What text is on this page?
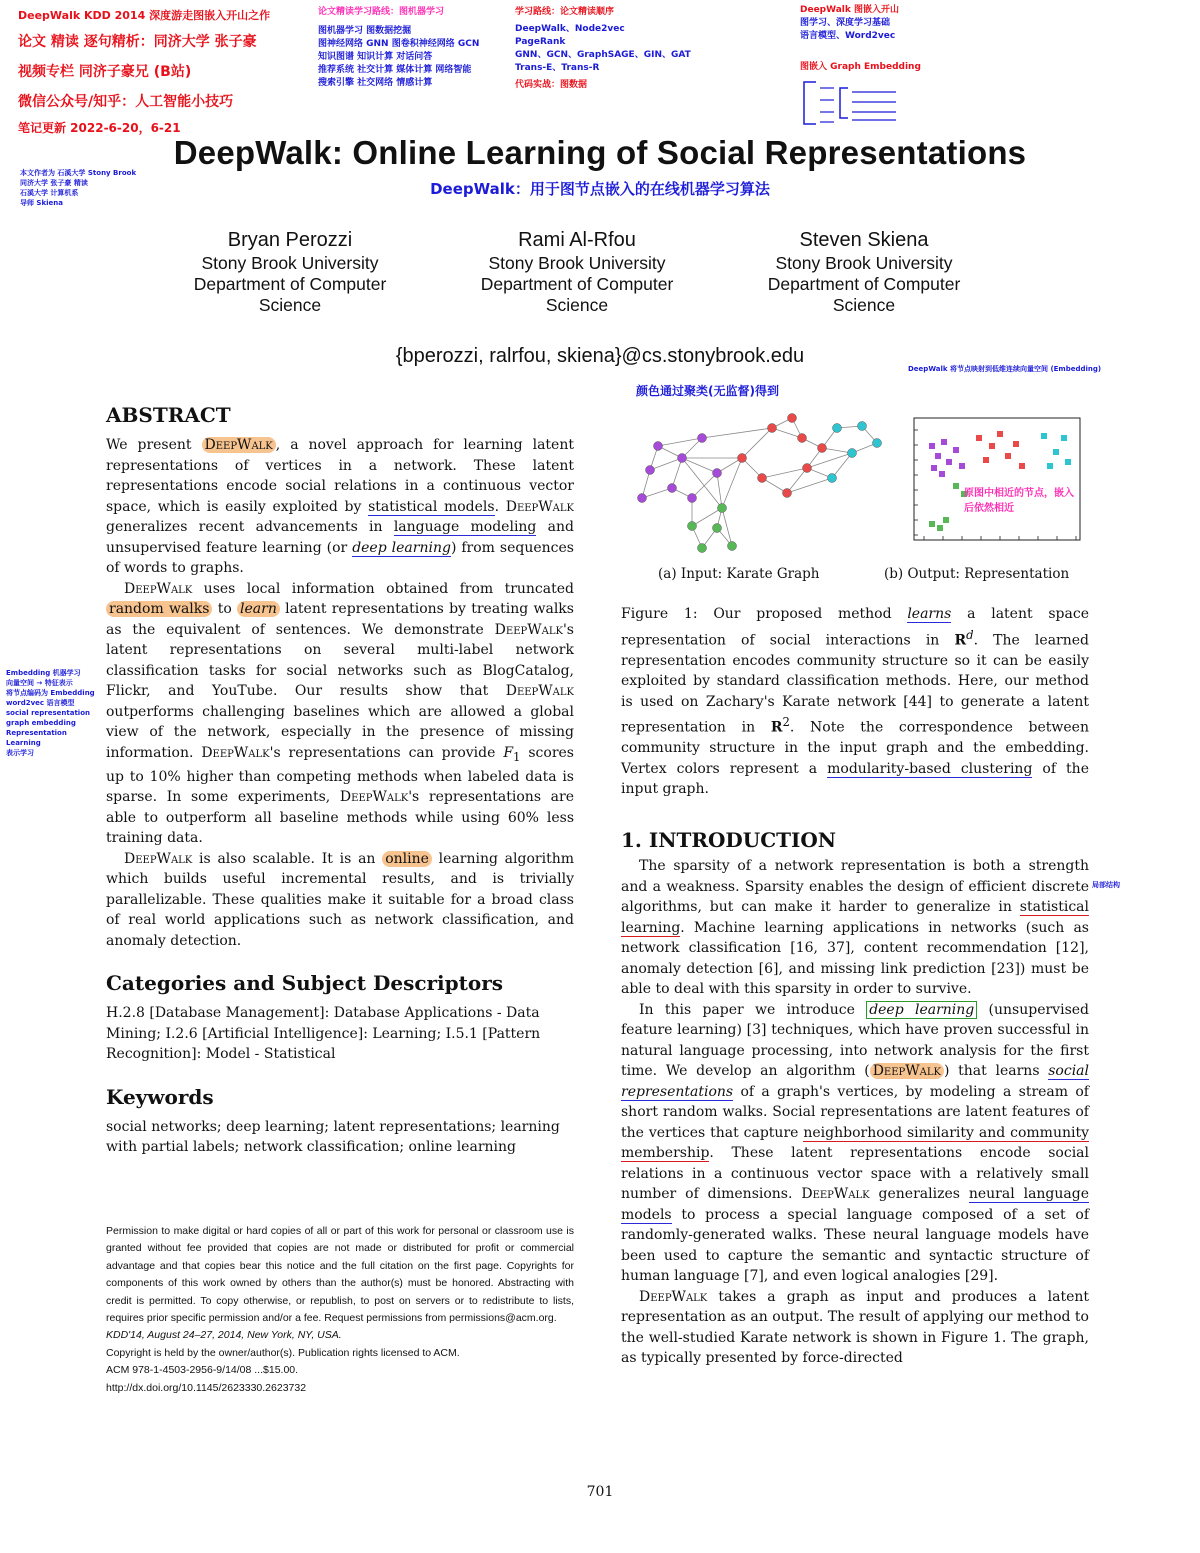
DeepWalk KDD 2014 深度游走图嵌入开山之作
论文 精读 逐句精析：同济大学 张子豪
视频专栏 同济子豪兄 (B站)
微信公众号/知乎：人工智能小技巧
笔记更新 2022-6-20，6-21
本文作者为 石溪大学 Stony Brook
同济大学 张子豪 精读
石溪大学 计算机系
导师 Skiena
论文精读学习路线：图机器学习
图机器学习 图数据挖掘
图神经网络 GNN 图卷积神经网络 GCN
知识图谱 知识计算 对话问答
推荐系统 社交计算 媒体计算 网络智能
搜索引擎 社交网络 情感计算
学习路线：论文精读顺序
DeepWalk、Node2vec
PageRank
GNN、GCN、GraphSAGE、GIN、GAT
Trans-E、Trans-R
代码实战：图数据
DeepWalk 图嵌入开山
图学习、深度学习基础
语言模型、Word2vec
图嵌入 Graph Embedding
DeepWalk: Online Learning of Social Representations
DeepWalk：用于图节点嵌入的在线机器学习算法
Bryan Perozzi
Stony Brook University
Department of Computer
Science
Rami Al-Rfou
Stony Brook University
Department of Computer
Science
Steven Skiena
Stony Brook University
Department of Computer
Science
{bperozzi, ralrfou, skiena}@cs.stonybrook.edu
ABSTRACT

We present DeepWalk , a novel approach for learning latent representations of vertices in a network. These latent representations encode social relations in a continuous vector space, which is easily exploited by statistical models. DeepWalk generalizes recent advancements in language modeling and unsupervised feature learning (or deep learning) from sequences of words to graphs.

DeepWalk uses local information obtained from truncated random walks to learn latent representations by treating walks as the equivalent of sentences. We demonstrate DeepWalk's latent representations on several multi-label network classification tasks for social networks such as BlogCatalog, Flickr, and YouTube. Our results show that DeepWalk outperforms challenging baselines which are allowed a global view of the network, especially in the presence of missing information. DeepWalk's representations can provide $F_1$ scores up to 10% higher than competing methods when labeled data is sparse. In some experiments, DeepWalk's representations are able to outperform all baseline methods while using 60% less training data.

DeepWalk is also scalable. It is an online learning algorithm which builds useful incremental results, and is trivially parallelizable. These qualities make it suitable for a broad class of real world applications such as network classification, and anomaly detection.

Categories and Subject Descriptors
H.2.8 [Database Management]: Database Applications - Data Mining; I.2.6 [Artificial Intelligence]: Learning; I.5.1 [Pattern Recognition]: Model - Statistical
Keywords
social networks; deep learning; latent representations; learning with partial labels; network classification; online learning

Permission to make digital or hard copies of all or part of this work for personal or classroom use is granted without fee provided that copies are not made or distributed for profit or commercial advantage and that copies bear this notice and the full citation on the first page. Copyrights for components of this work owned by others than the author(s) must be honored. Abstracting with credit is permitted. To copy otherwise, or republish, to post on servers or to redistribute to lists, requires prior specific permission and/or a fee. Request permissions from permissions@acm.org.

KDD'14, August 24–27, 2014, New York, NY, USA.

Copyright is held by the owner/author(s). Publication rights licensed to ACM.

ACM 978-1-4503-2956-9/14/08 ...$15.00.

http://dx.doi.org/10.1145/2623330.2623732

Embedding 机器学习
向量空间 → 特征表示
将节点编码为 Embedding
word2vec 语言模型
social representation
graph embedding
Representation Learning
表示学习
颜色通过聚类(无监督)得到
DeepWalk 将节点映射到低维连续向量空间 (Embedding)
原图中相近的节点，嵌入后依然相近
(a) Input: Karate Graph	(b) Output: Representation
Figure 1: Our proposed method learns a latent space representation of social interactions in $R^d$. The learned representation encodes community structure so it can be easily exploited by standard classification methods. Here, our method is used on Zachary's Karate network [44] to generate a latent representation in $R^2$. Note the correspondence between community structure in the input graph and the embedding. Vertex colors represent a modularity-based clustering of the input graph.
1. INTRODUCTION

The sparsity of a network representation is both a strength and a weakness. Sparsity enables the design of efficient discrete algorithms, but can make it harder to generalize in statistical learning. Machine learning applications in networks (such as network classification [16, 37], content recommendation [12], anomaly detection [6], and missing link prediction [23]) must be able to deal with this sparsity in order to survive.

In this paper we introduce deep learning (unsupervised feature learning) [3] techniques, which have proven successful in natural language processing, into network analysis for the first time. We develop an algorithm ( DeepWalk ) that learns social representations of a graph's vertices, by modeling a stream of short random walks. Social representations are latent features of the vertices that capture neighborhood similarity and community membership. These latent representations encode social relations in a continuous vector space with a relatively small number of dimensions. DeepWalk generalizes neural language models to process a special language composed of a set of randomly-generated walks. These neural language models have been used to capture the semantic and syntactic structure of human language [7], and even logical analogies [29].

DeepWalk takes a graph as input and produces a latent representation as an output. The result of applying our method to the well-studied Karate network is shown in Figure 1. The graph, as typically presented by force-directed

局部结构
701
